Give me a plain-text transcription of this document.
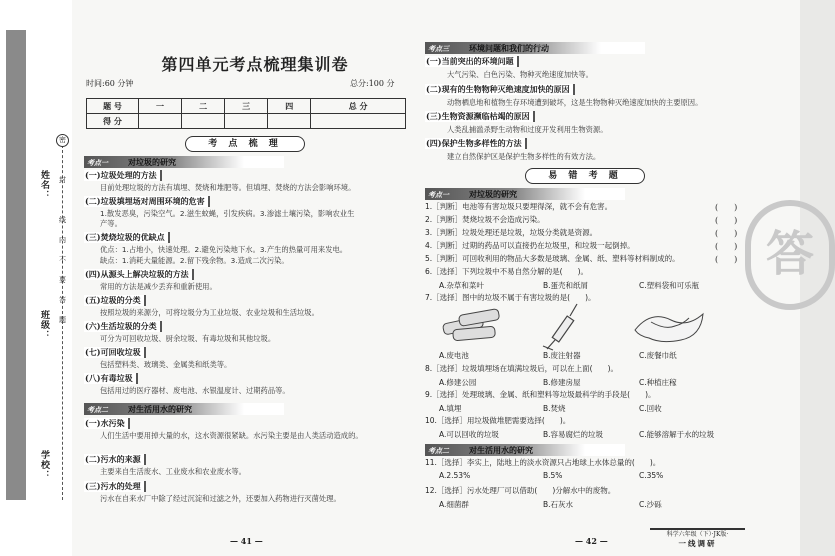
姓名：
班级：
学校：
密
封
线
内
不
要
答
题
第四单元考点梳理集训卷
时间:60 分钟	总分:100 分
题 号	一	二	三	四	总 分
得 分					
考 点 梳 理
考点一	对垃圾的研究
(一)垃圾处理的方法
目前处理垃圾的方法有填埋、焚烧和堆肥等。但填埋、焚烧的方法会影响环境。
(二)垃圾填埋场对周围环境的危害
1.散发恶臭，污染空气。2.滋生蚊蝇，引发疾病。3.渗滤土壤污染，影响农业生
产等。
(三)焚烧垃圾的优缺点
优点：1.占地小，快速处理。2.避免污染地下水。3.产生的热量可用来发电。
缺点：1.消耗大量能源。2.留下残余物。3.造成二次污染。
(四)从源头上解决垃圾的方法
常用的方法是减少丢弃和重新使用。
(五)垃圾的分类
按照垃圾的来源分，可将垃圾分为工业垃圾、农业垃圾和生活垃圾。
(六)生活垃圾的分类
可分为可回收垃圾、厨余垃圾、有毒垃圾和其他垃圾。
(七)可回收垃圾
包括塑料类、玻璃类、金属类和纸类等。
(八)有毒垃圾
包括用过的医疗器材、废电池、水银温度计、过期药品等。
考点二	对生活用水的研究
(一)水污染
人们生活中要用掉大量的水，这水资源很紧缺。水污染主要是由人类活动造成的。
(二)污水的来源
主要来自生活废水、工业废水和农业废水等。
(三)污水的处理
污水在自来水厂中除了经过沉淀和过滤之外，还要加入药物进行灭菌处理。
— 41 —
考点三	环境问题和我们的行动
(一)当前突出的环境问题
大气污染、白色污染、物种灭绝速度加快等。
(二)现有的生物物种灭绝速度加快的原因
动物栖息地和植物生存环境遭到破坏，这是生物物种灭绝速度加快的主要原因。
(三)生物资源濒临枯竭的原因
人类乱捕滥杀野生动物和过度开发利用生物资源。
(四)保护生物多样性的方法
建立自然保护区是保护生物多样性的有效方法。
易 错 考 题
考点一	对垃圾的研究
1.［判断］电池等有害垃圾只要埋得深，就不会有危害。	(　　)
2.［判断］焚烧垃圾不会造成污染。	(　　)
3.［判断］垃圾处理还是垃圾，垃圾分类就是资源。	(　　)
4.［判断］过期的药品可以直接扔在垃圾里，和垃圾一起倒掉。	(　　)
5.［判断］可回收利用的物品大多数是玻璃、金属、纸、塑料等材料制成的。	(　　)
6.［选择］下列垃圾中不易自然分解的是(　　)。
A.杂草和菜叶	B.蛋壳和纸屑	C.塑料袋和可乐瓶
7.［选择］图中的垃圾不属于有害垃圾的是(　　)。
A.废电池	B.废注射器	C.废餐巾纸
8.［选择］垃圾填埋场在填满垃圾后，可以在上面(　　)。
A.修建公园	B.修建房屋	C.种植庄稼
9.［选择］处理玻璃、金属、纸和塑料等垃圾最科学的手段是(　　)。
A.填埋	B.焚烧	C.回收
10.［选择］用垃圾做堆肥需要选择(　　)。
A.可以回收的垃圾	B.容易腐烂的垃圾	C.能够溶解于水的垃圾
考点二	对生活用水的研究
11.［选择］李实上，陆地上的淡水资源只占地球上水体总量的(　　)。
A.2.53%	B.5%	C.35%
12.［选择］污水处理厂可以借助(　　)分解水中的废物。
A.细菌群	B.石灰水	C.沙砾
— 42 —
答
科学六年级（下）·JK版·
一线调研
